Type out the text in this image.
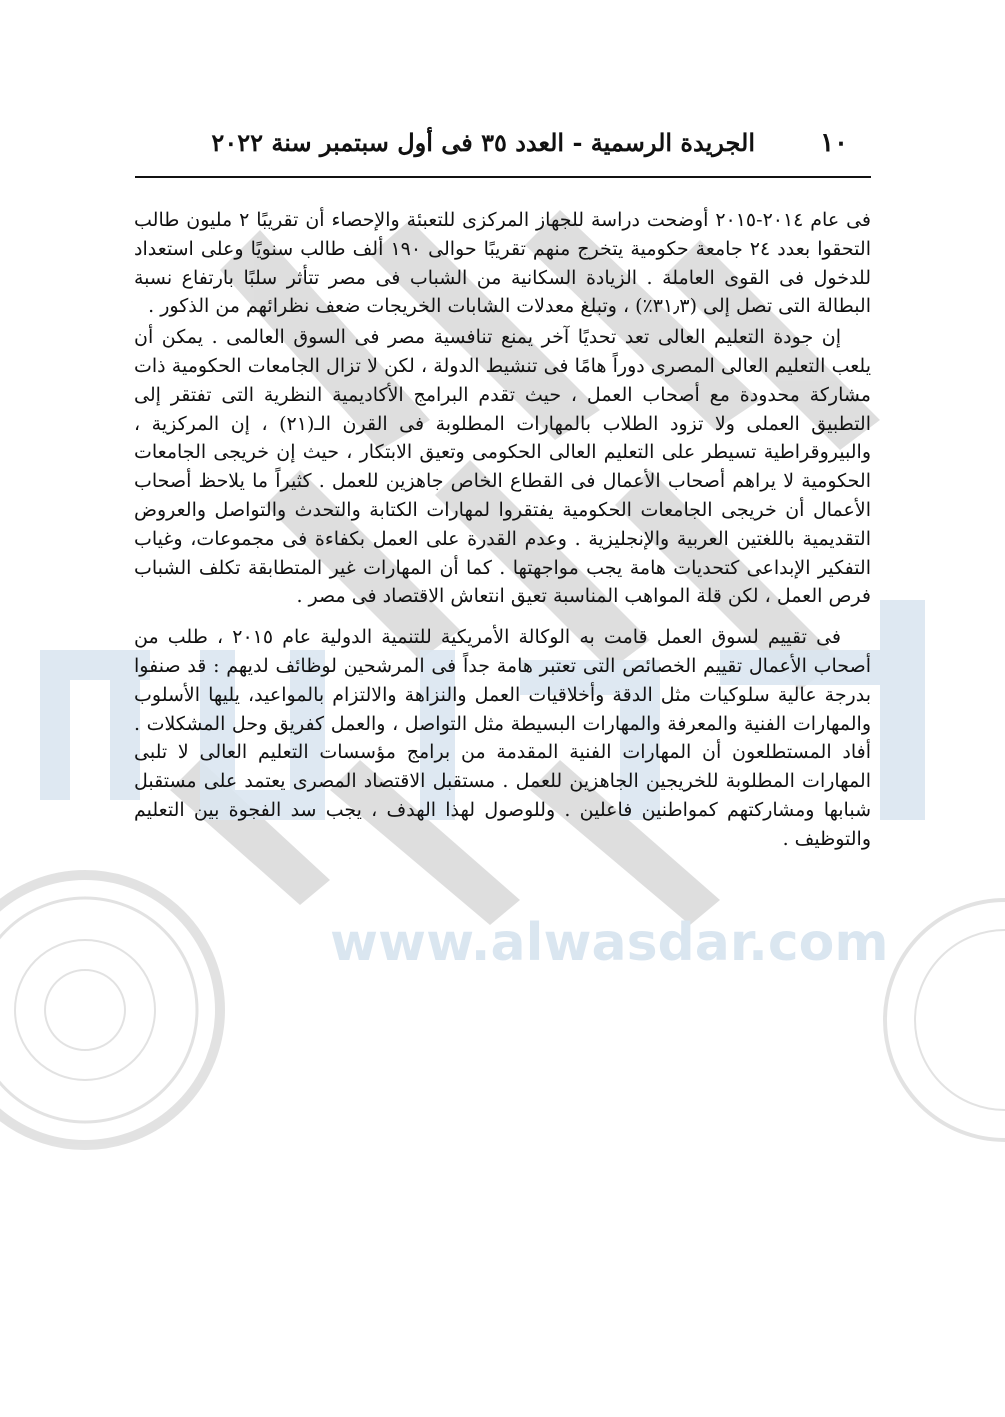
www.alwasdar.com
١٠
الجريدة الرسمية - العدد ٣٥ فى أول سبتمبر سنة ٢٠٢٢

فى عام ٢٠١٤-٢٠١٥ أوضحت دراسة للجهاز المركزى للتعبئة والإحصاء أن تقريبًا ٢ مليون طالب التحقوا بعدد ٢٤ جامعة حكومية يتخرج منهم تقريبًا حوالى ١٩٠ ألف طالب سنويًا وعلى استعداد للدخول فى القوى العاملة . الزيادة السكانية من الشباب فى مصر تتأثر سلبًا بارتفاع نسبة البطالة التى تصل إلى (٣١٫٣٪) ، وتبلغ معدلات الشابات الخريجات ضعف نظرائهم من الذكور .

إن جودة التعليم العالى تعد تحديًا آخر يمنع تنافسية مصر فى السوق العالمى . يمكن أن يلعب التعليم العالى المصرى دوراً هامًا فى تنشيط الدولة ، لكن لا تزال الجامعات الحكومية ذات مشاركة محدودة مع أصحاب العمل ، حيث تقدم البرامج الأكاديمية النظرية التى تفتقر إلى التطبيق العملى ولا تزود الطلاب بالمهارات المطلوبة فى القرن الـ(٢١) ، إن المركزية ، والبيروقراطية تسيطر على التعليم العالى الحكومى وتعيق الابتكار ، حيث إن خريجى الجامعات الحكومية لا يراهم أصحاب الأعمال فى القطاع الخاص جاهزين للعمل . كثيراً ما يلاحظ أصحاب الأعمال أن خريجى الجامعات الحكومية يفتقروا لمهارات الكتابة والتحدث والتواصل والعروض التقديمية باللغتين العربية والإنجليزية . وعدم القدرة على العمل بكفاءة فى مجموعات، وغياب التفكير الإبداعى كتحديات هامة يجب مواجهتها . كما أن المهارات غير المتطابقة تكلف الشباب فرص العمل ، لكن قلة المواهب المناسبة تعيق انتعاش الاقتصاد فى مصر .

فى تقييم لسوق العمل قامت به الوكالة الأمريكية للتنمية الدولية عام ٢٠١٥ ، طلب من أصحاب الأعمال تقييم الخصائص التى تعتبر هامة جداً فى المرشحين لوظائف لديهم : قد صنفوا بدرجة عالية سلوكيات مثل الدقة وأخلاقيات العمل والنزاهة والالتزام بالمواعيد، يليها الأسلوب والمهارات الفنية والمعرفة والمهارات البسيطة مثل التواصل ، والعمل كفريق وحل المشكلات . أفاد المستطلعون أن المهارات الفنية المقدمة من برامج مؤسسات التعليم العالى لا تلبى المهارات المطلوبة للخريجين الجاهزين للعمل . مستقبل الاقتصاد المصرى يعتمد على مستقبل شبابها ومشاركتهم كمواطنين فاعلين . وللوصول لهذا الهدف ، يجب سد الفجوة بين التعليم والتوظيف .
